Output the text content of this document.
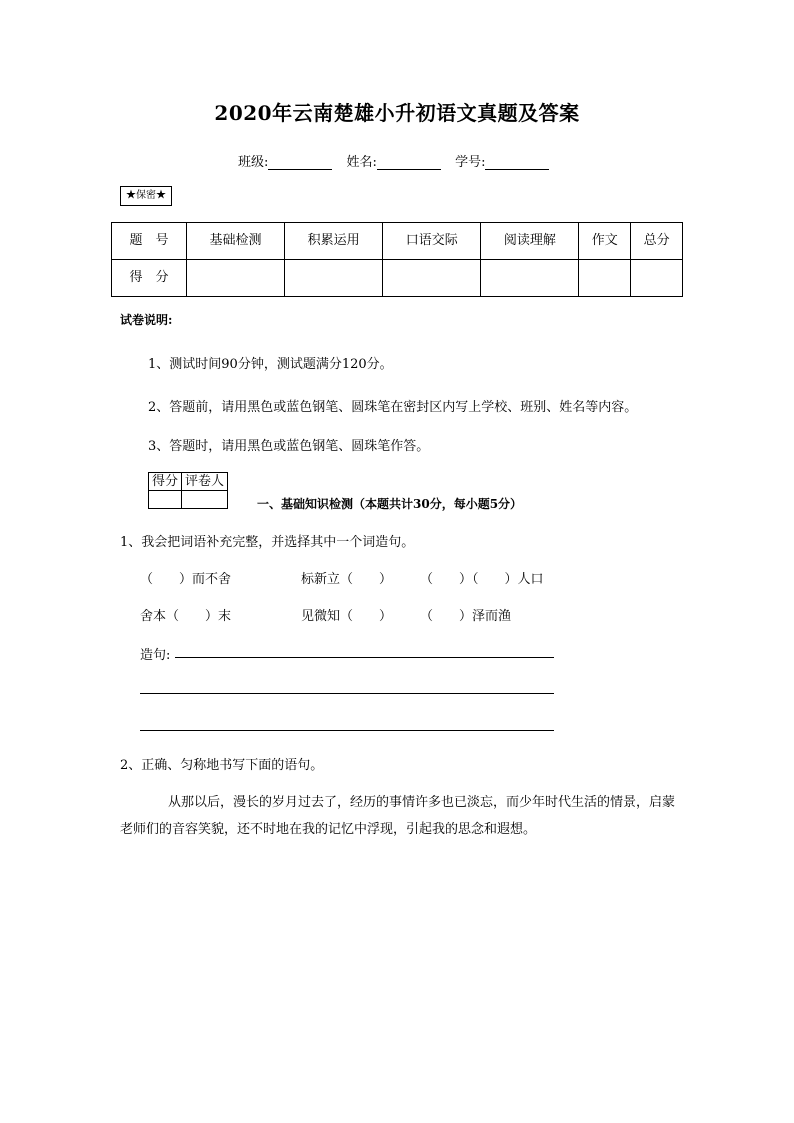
2020年云南楚雄小升初语文真题及答案
班级:	姓名:	学号:
★保密★
题　号	基础检测	积累运用	口语交际	阅读理解	作文	总分
得　分						
试卷说明:
1、测试时间90分钟，测试题满分120分。
2、答题前，请用黑色或蓝色钢笔、圆珠笔在密封区内写上学校、班别、姓名等内容。
3、答题时，请用黑色或蓝色钢笔、圆珠笔作答。
得分	评卷人

一、基础知识检测（本题共计30分，每小题5分）
1、我会把词语补充完整，并选择其中一个词造句。
（　　）而不舍	标新立（　　） （　　）（　　）人口
舍本（　　）末	见微知（　　） （　　）泽而渔
造句:
2、正确、匀称地书写下面的语句。
从那以后，漫长的岁月过去了，经历的事情许多也已淡忘，而少年时代生活的情景，启蒙老师们的音容笑貌，还不时地在我的记忆中浮现，引起我的思念和遐想。
